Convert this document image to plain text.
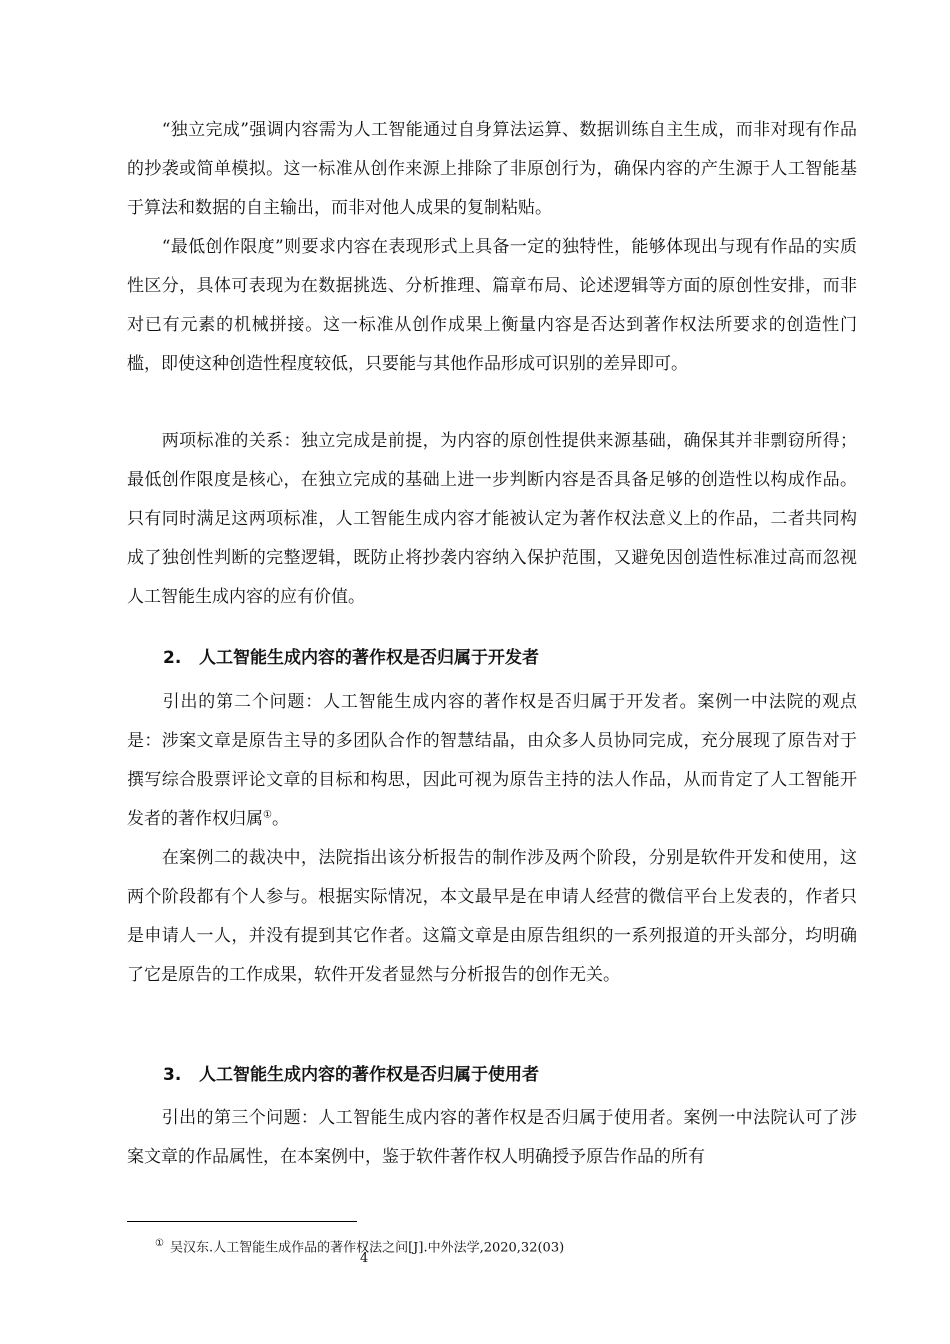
　　“独立完成”强调内容需为人工智能通过自身算法运算、数据训练自主生成，而非对现有作品的抄袭或简单模拟。这一标准从创作来源上排除了非原创行为，确保内容的产生源于人工智能基于算法和数据的自主输出，而非对他人成果的复制粘贴。

　　“最低创作限度”则要求内容在表现形式上具备一定的独特性，能够体现出与现有作品的实质性区分，具体可表现为在数据挑选、分析推理、篇章布局、论述逻辑等方面的原创性安排，而非对已有元素的机械拼接。这一标准从创作成果上衡量内容是否达到著作权法所要求的创造性门槛，即使这种创造性程度较低，只要能与其他作品形成可识别的差异即可。

　　两项标准的关系：独立完成是前提，为内容的原创性提供来源基础，确保其并非剽窃所得；最低创作限度是核心，在独立完成的基础上进一步判断内容是否具备足够的创造性以构成作品。只有同时满足这两项标准，人工智能生成内容才能被认定为著作权法意义上的作品，二者共同构成了独创性判断的完整逻辑，既防止将抄袭内容纳入保护范围，又避免因创造性标准过高而忽视人工智能生成内容的应有价值。

2. 人工智能生成内容的著作权是否归属于开发者

　　引出的第二个问题：人工智能生成内容的著作权是否归属于开发者。案例一中法院的观点是：涉案文章是原告主导的多团队合作的智慧结晶，由众多人员协同完成，充分展现了原告对于撰写综合股票评论文章的目标和构思，因此可视为原告主持的法人作品，从而肯定了人工智能开发者的著作权归属①。

　　在案例二的裁决中，法院指出该分析报告的制作涉及两个阶段，分别是软件开发和使用，这两个阶段都有个人参与。根据实际情况，本文最早是在申请人经营的微信平台上发表的，作者只是申请人一人，并没有提到其它作者。这篇文章是由原告组织的一系列报道的开头部分，均明确了它是原告的工作成果，软件开发者显然与分析报告的创作无关。

3. 人工智能生成内容的著作权是否归属于使用者

　　引出的第三个问题：人工智能生成内容的著作权是否归属于使用者。案例一中法院认可了涉案文章的作品属性，在本案例中，鉴于软件著作权人明确授予原告作品的所有

① 吴汉东.人工智能生成作品的著作权法之问[J].中外法学,2020,32(03)
4
